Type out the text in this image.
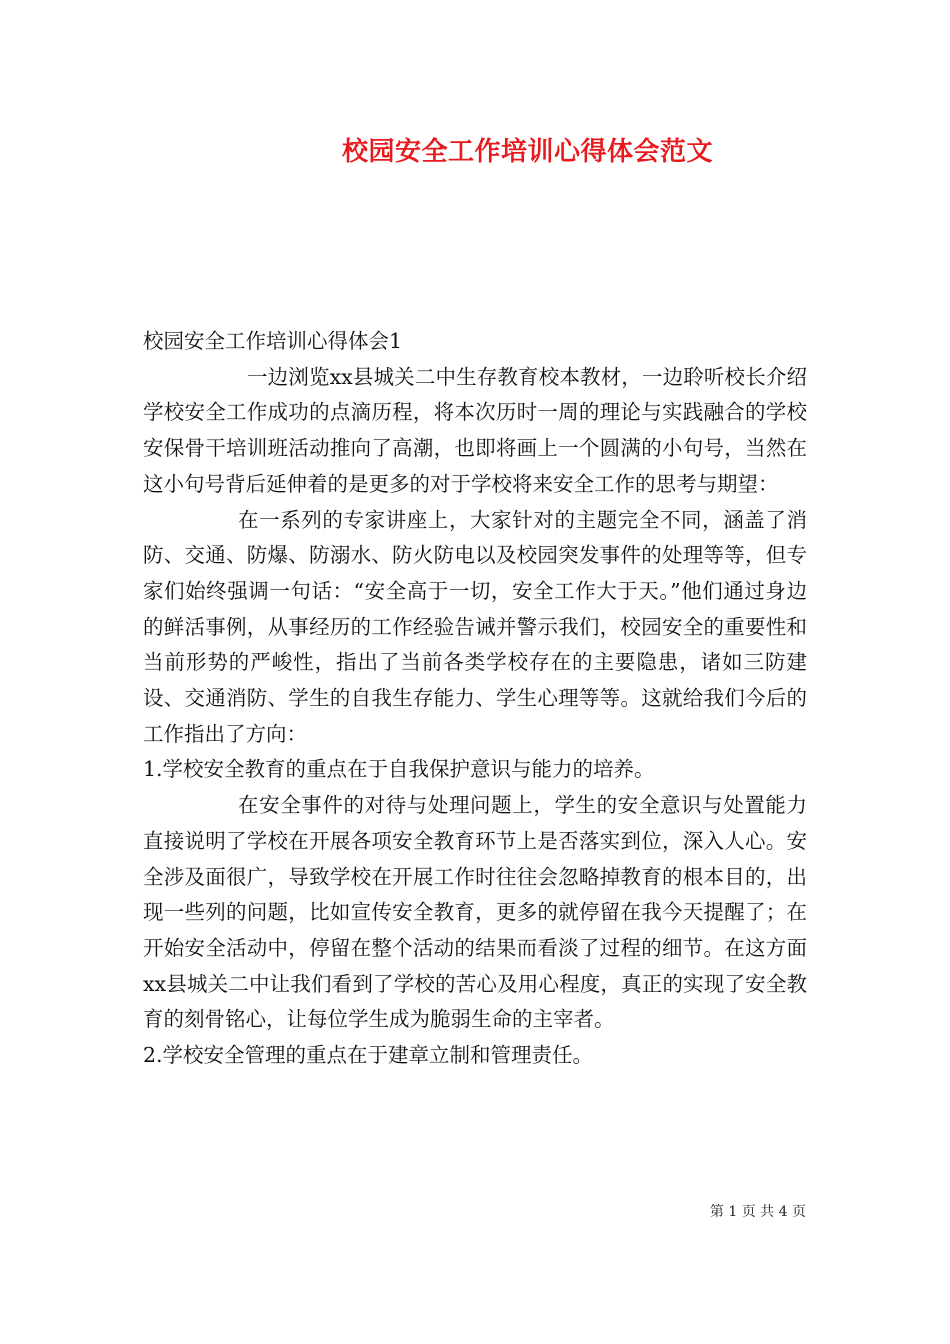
校园安全工作培训心得体会范文

校园安全工作培训心得体会1

一边浏览xx县城关二中生存教育校本教材，一边聆听校长介绍学校安全工作成功的点滴历程，将本次历时一周的理论与实践融合的学校安保骨干培训班活动推向了高潮，也即将画上一个圆满的小句号，当然在这小句号背后延伸着的是更多的对于学校将来安全工作的思考与期望：

在一系列的专家讲座上，大家针对的主题完全不同，涵盖了消防、交通、防爆、防溺水、防火防电以及校园突发事件的处理等等，但专家们始终强调一句话：“安全高于一切，安全工作大于天。”他们通过身边的鲜活事例，从事经历的工作经验告诫并警示我们，校园安全的重要性和当前形势的严峻性，指出了当前各类学校存在的主要隐患，诸如三防建设、交通消防、学生的自我生存能力、学生心理等等。这就给我们今后的工作指出了方向：

1.学校安全教育的重点在于自我保护意识与能力的培养。

在安全事件的对待与处理问题上，学生的安全意识与处置能力直接说明了学校在开展各项安全教育环节上是否落实到位，深入人心。安全涉及面很广，导致学校在开展工作时往往会忽略掉教育的根本目的，出现一些列的问题，比如宣传安全教育，更多的就停留在我今天提醒了；在开始安全活动中，停留在整个活动的结果而看淡了过程的细节。在这方面xx县城关二中让我们看到了学校的苦心及用心程度，真正的实现了安全教育的刻骨铭心，让每位学生成为脆弱生命的主宰者。

2.学校安全管理的重点在于建章立制和管理责任。

第 1 页 共 4 页
